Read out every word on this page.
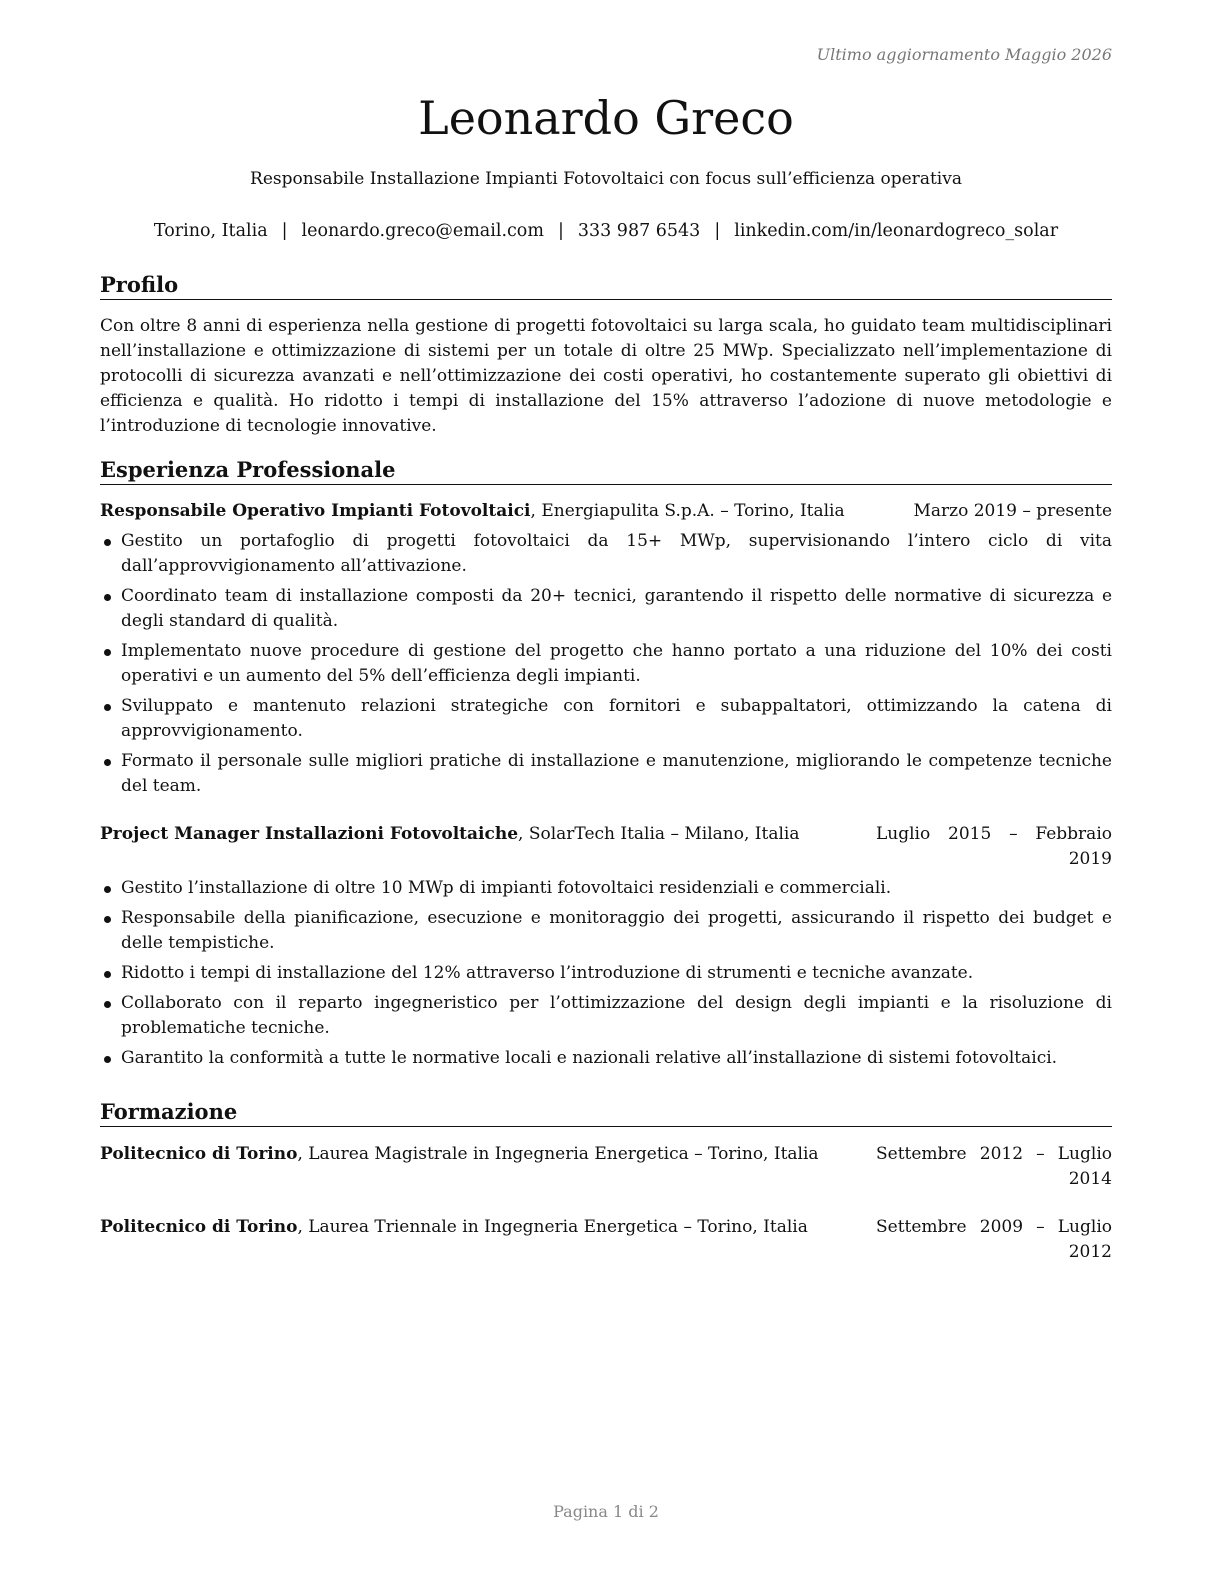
Ultimo aggiornamento Maggio 2026
Leonardo Greco
Responsabile Installazione Impianti Fotovoltaici con focus sull’efficienza operativa
Torino, Italia | leonardo.greco@email.com | 333 987 6543 | linkedin.com/in/leonardogreco_solar
Profilo
Con oltre 8 anni di esperienza nella gestione di progetti fotovoltaici su larga scala, ho guidato team multidisciplinari nell’installazione e ottimizzazione di sistemi per un totale di oltre 25 MWp. Specializzato nell’implementazione di protocolli di sicurezza avanzati e nell’ottimizzazione dei costi operativi, ho costantemente superato gli obiettivi di efficienza e qualità. Ho ridotto i tempi di installazione del 15% attraverso l’adozione di nuove metodologie e l’introduzione di tecnologie innovative.
Esperienza Professionale
Responsabile Operativo Impianti Fotovoltaici, Energiapulita S.p.A. – Torino, Italia	Marzo 2019 – presente
Gestito un portafoglio di progetti fotovoltaici da 15+ MWp, supervisionando l’intero ciclo di vita dall’approvvigionamento all’attivazione.
Coordinato team di installazione composti da 20+ tecnici, garantendo il rispetto delle normative di sicurezza e degli standard di qualità.
Implementato nuove procedure di gestione del progetto che hanno portato a una riduzione del 10% dei costi operativi e un aumento del 5% dell’efficienza degli impianti.
Sviluppato e mantenuto relazioni strategiche con fornitori e subappaltatori, ottimizzando la catena di approvvigionamento.
Formato il personale sulle migliori pratiche di installazione e manutenzione, migliorando le competenze tecniche del team.
Project Manager Installazioni Fotovoltaiche, SolarTech Italia – Milano, Italia	Luglio 2015 – Febbraio 2019
Gestito l’installazione di oltre 10 MWp di impianti fotovoltaici residenziali e commerciali.
Responsabile della pianificazione, esecuzione e monitoraggio dei progetti, assicurando il rispetto dei budget e delle tempistiche.
Ridotto i tempi di installazione del 12% attraverso l’introduzione di strumenti e tecniche avanzate.
Collaborato con il reparto ingegneristico per l’ottimizzazione del design degli impianti e la risoluzione di problematiche tecniche.
Garantito la conformità a tutte le normative locali e nazionali relative all’installazione di sistemi fotovoltaici.
Formazione
Politecnico di Torino, Laurea Magistrale in Ingegneria Energetica – Torino, Italia	Settembre 2012 – Luglio 2014
Politecnico di Torino, Laurea Triennale in Ingegneria Energetica – Torino, Italia	Settembre 2009 – Luglio 2012
Pagina 1 di 2
